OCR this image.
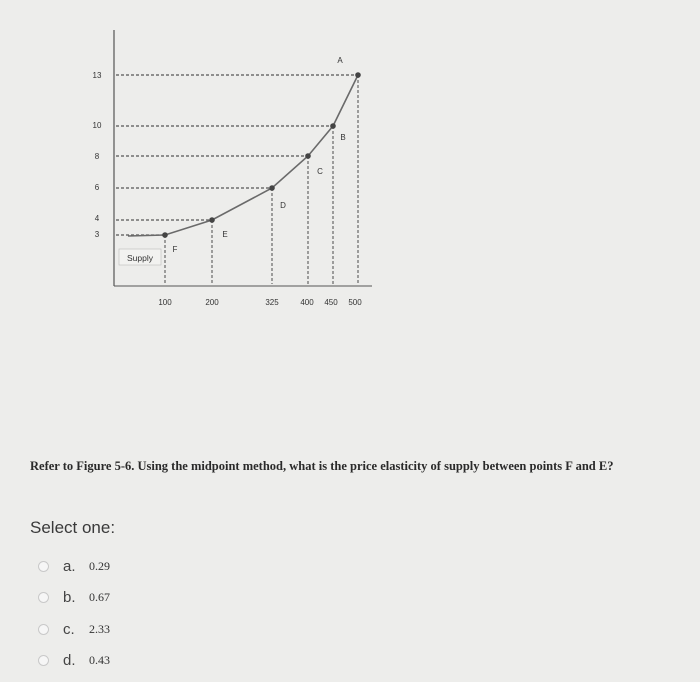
F
E
D
C
B
A
13
10
8
6
4
3
100	200	325	400 450 500
Supply
Refer to Figure 5-6. Using the midpoint method, what is the price elasticity of supply between points F and E?
Select one:
a.	0.29
b.	0.67
c.	2.33
d.	0.43
